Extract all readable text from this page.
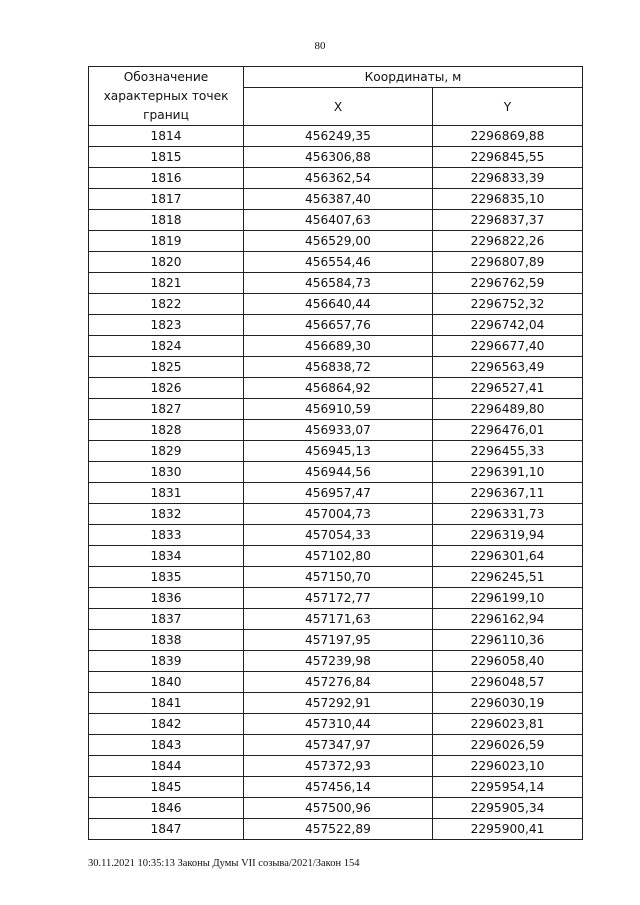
80
Обозначение характерных точек границ	Координаты, м	
	X	Y
1814	456249,35	2296869,88
1815	456306,88	2296845,55
1816	456362,54	2296833,39
1817	456387,40	2296835,10
1818	456407,63	2296837,37
1819	456529,00	2296822,26
1820	456554,46	2296807,89
1821	456584,73	2296762,59
1822	456640,44	2296752,32
1823	456657,76	2296742,04
1824	456689,30	2296677,40
1825	456838,72	2296563,49
1826	456864,92	2296527,41
1827	456910,59	2296489,80
1828	456933,07	2296476,01
1829	456945,13	2296455,33
1830	456944,56	2296391,10
1831	456957,47	2296367,11
1832	457004,73	2296331,73
1833	457054,33	2296319,94
1834	457102,80	2296301,64
1835	457150,70	2296245,51
1836	457172,77	2296199,10
1837	457171,63	2296162,94
1838	457197,95	2296110,36
1839	457239,98	2296058,40
1840	457276,84	2296048,57
1841	457292,91	2296030,19
1842	457310,44	2296023,81
1843	457347,97	2296026,59
1844	457372,93	2296023,10
1845	457456,14	2295954,14
1846	457500,96	2295905,34
1847	457522,89	2295900,41
30.11.2021 10:35:13 Законы Думы VII созыва/2021/Закон 154
